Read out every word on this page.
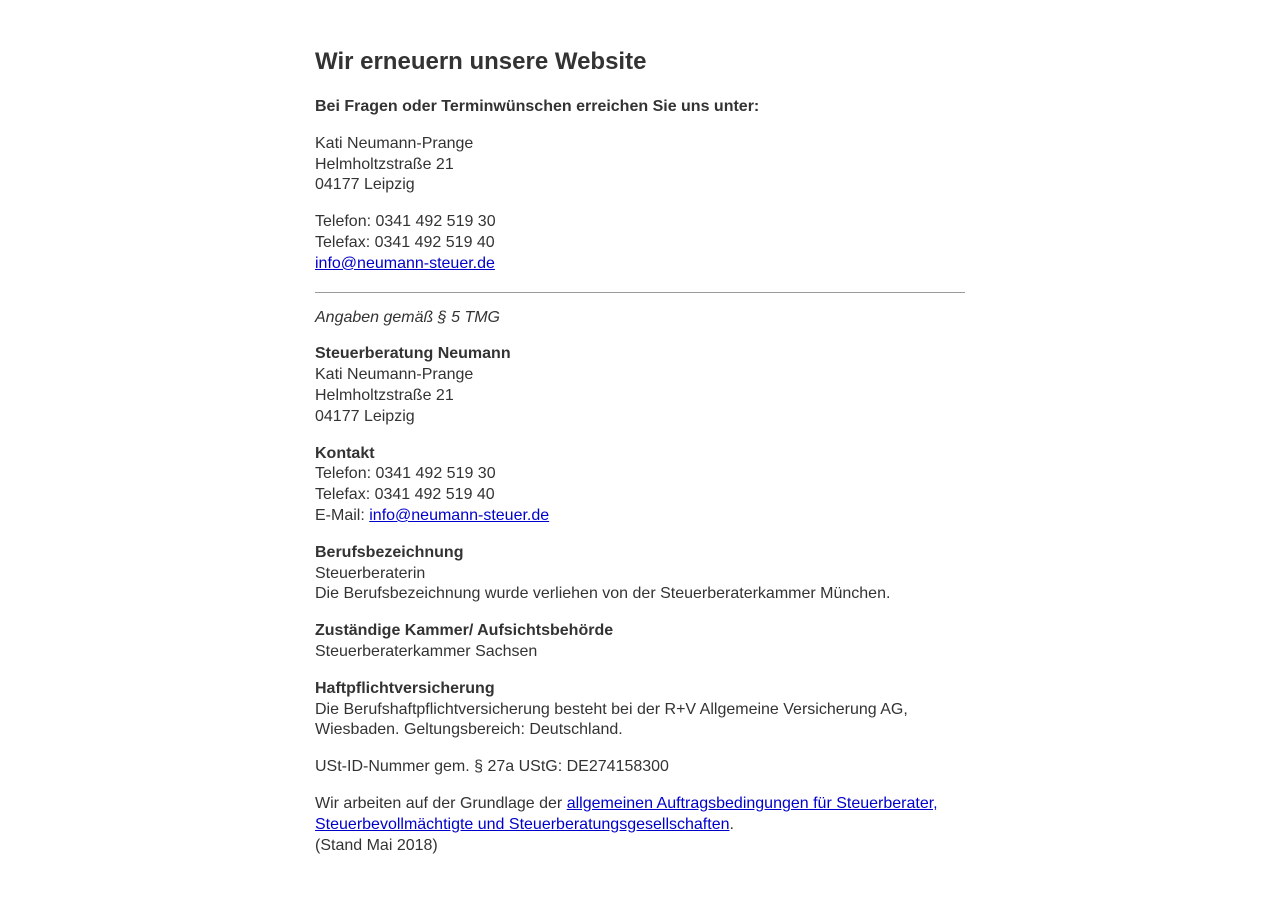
Wir erneuern unsere Website

Bei Fragen oder Terminwünschen erreichen Sie uns unter:

Kati Neumann-Prange
Helmholtzstraße 21
04177 Leipzig

Telefon: 0341 492 519 30
Telefax: 0341 492 519 40
info@neumann-steuer.de

Angaben gemäß § 5 TMG

Steuerberatung Neumann
Kati Neumann-Prange
Helmholtzstraße 21
04177 Leipzig

Kontakt
Telefon: 0341 492 519 30
Telefax: 0341 492 519 40
E-Mail: info@neumann-steuer.de

Berufsbezeichnung
Steuerberaterin
Die Berufsbezeichnung wurde verliehen von der Steuerberaterkammer München.

Zuständige Kammer/ Aufsichtsbehörde
Steuerberaterkammer Sachsen

Haftpflichtversicherung
Die Berufshaftpflichtversicherung besteht bei der R+V Allgemeine Versicherung AG,
Wiesbaden. Geltungsbereich: Deutschland.

USt-ID-Nummer gem. § 27a UStG: DE274158300

Wir arbeiten auf der Grundlage der allgemeinen Auftragsbedingungen für Steuerberater,
Steuerbevollmächtigte und Steuerberatungsgesellschaften.
(Stand Mai 2018)
